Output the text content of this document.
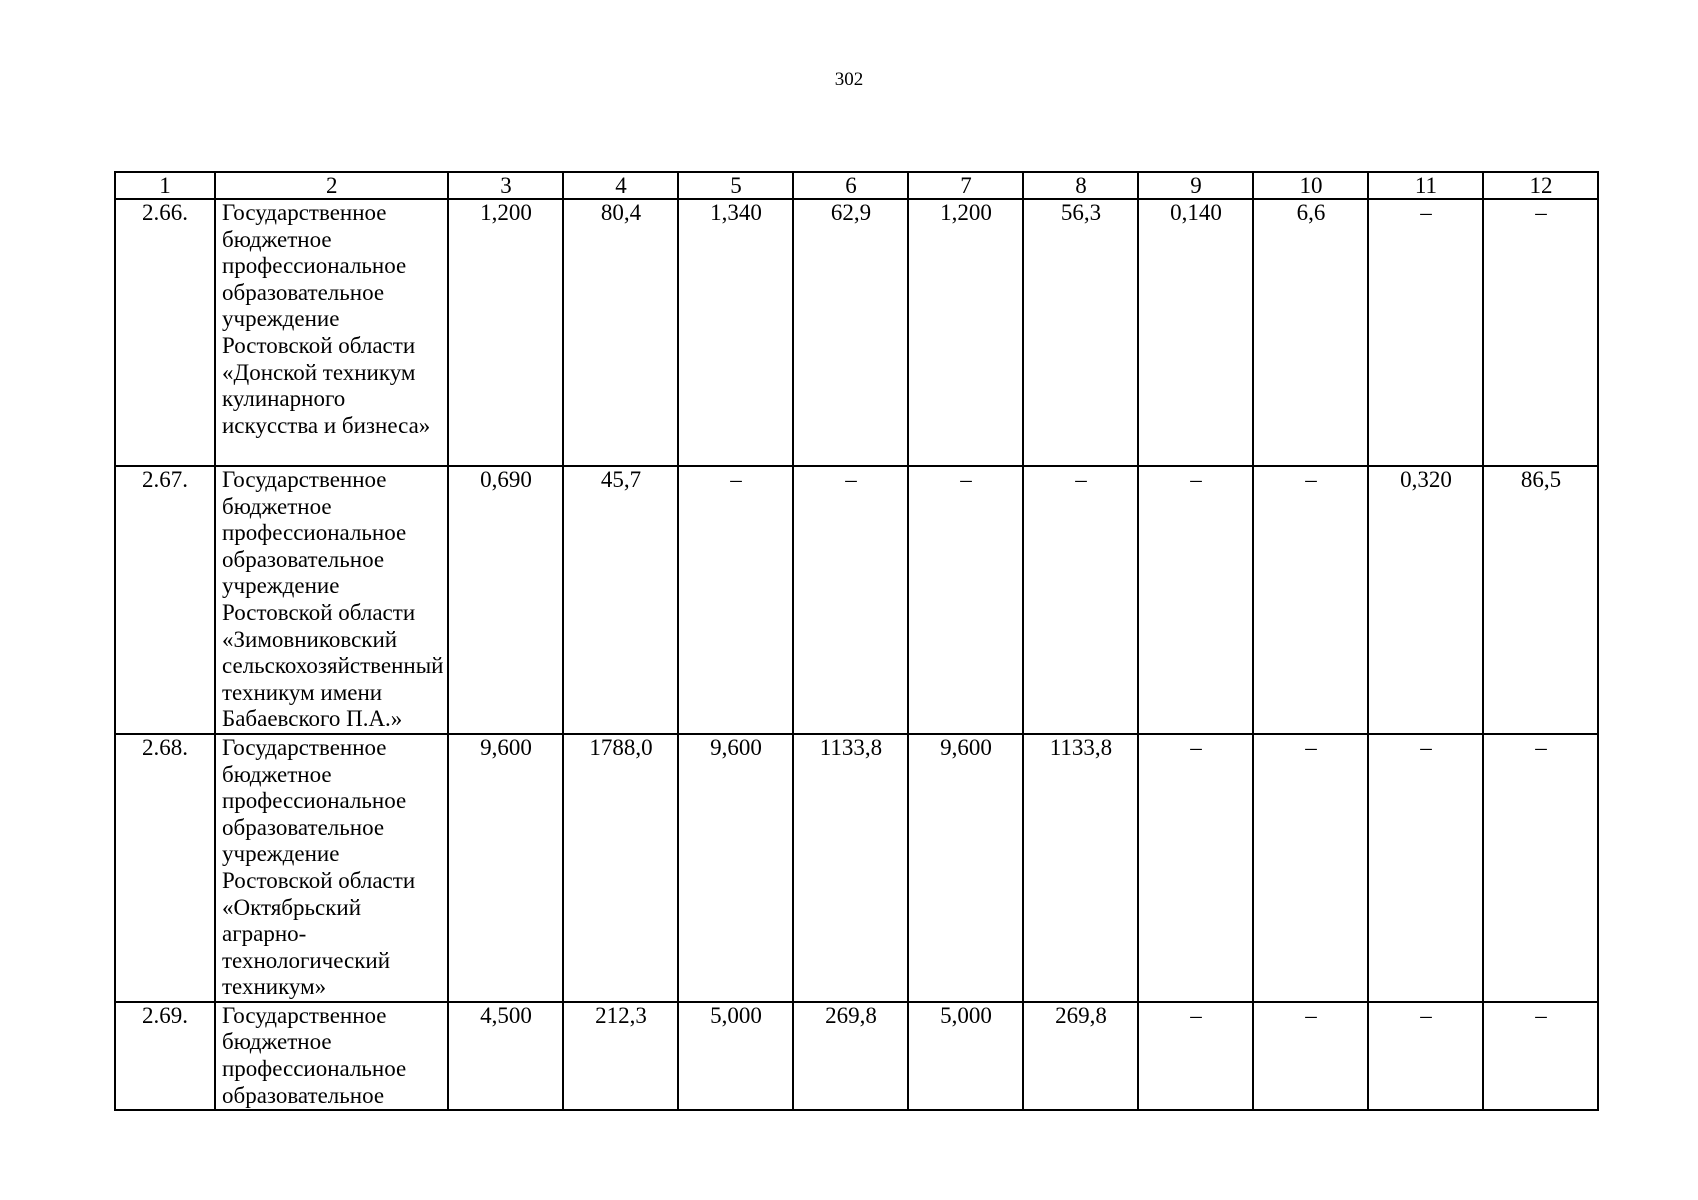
302
1	2	3	4	5	6	7	8	9	10	11	12
2.66.	Государственное бюджетное профессиональное образовательное учреждение Ростовской области «Донской техникум кулинарного искусства и бизнеса»	1,200	80,4	1,340	62,9	1,200	56,3	0,140	6,6	–	–
2.67.	Государственное бюджетное профессиональное образовательное учреждение Ростовской области «Зимовниковский сельскохозяйственный техникум имени Бабаевского П.А.»	0,690	45,7	–	–	–	–	–	–	0,320	86,5
2.68.	Государственное бюджетное профессиональное образовательное учреждение Ростовской области «Октябрьский аграрно-технологический техникум»	9,600	1788,0	9,600	1133,8	9,600	1133,8	–	–	–	–
2.69.	Государственное бюджетное профессиональное образовательное	4,500	212,3	5,000	269,8	5,000	269,8	–	–	–	–
